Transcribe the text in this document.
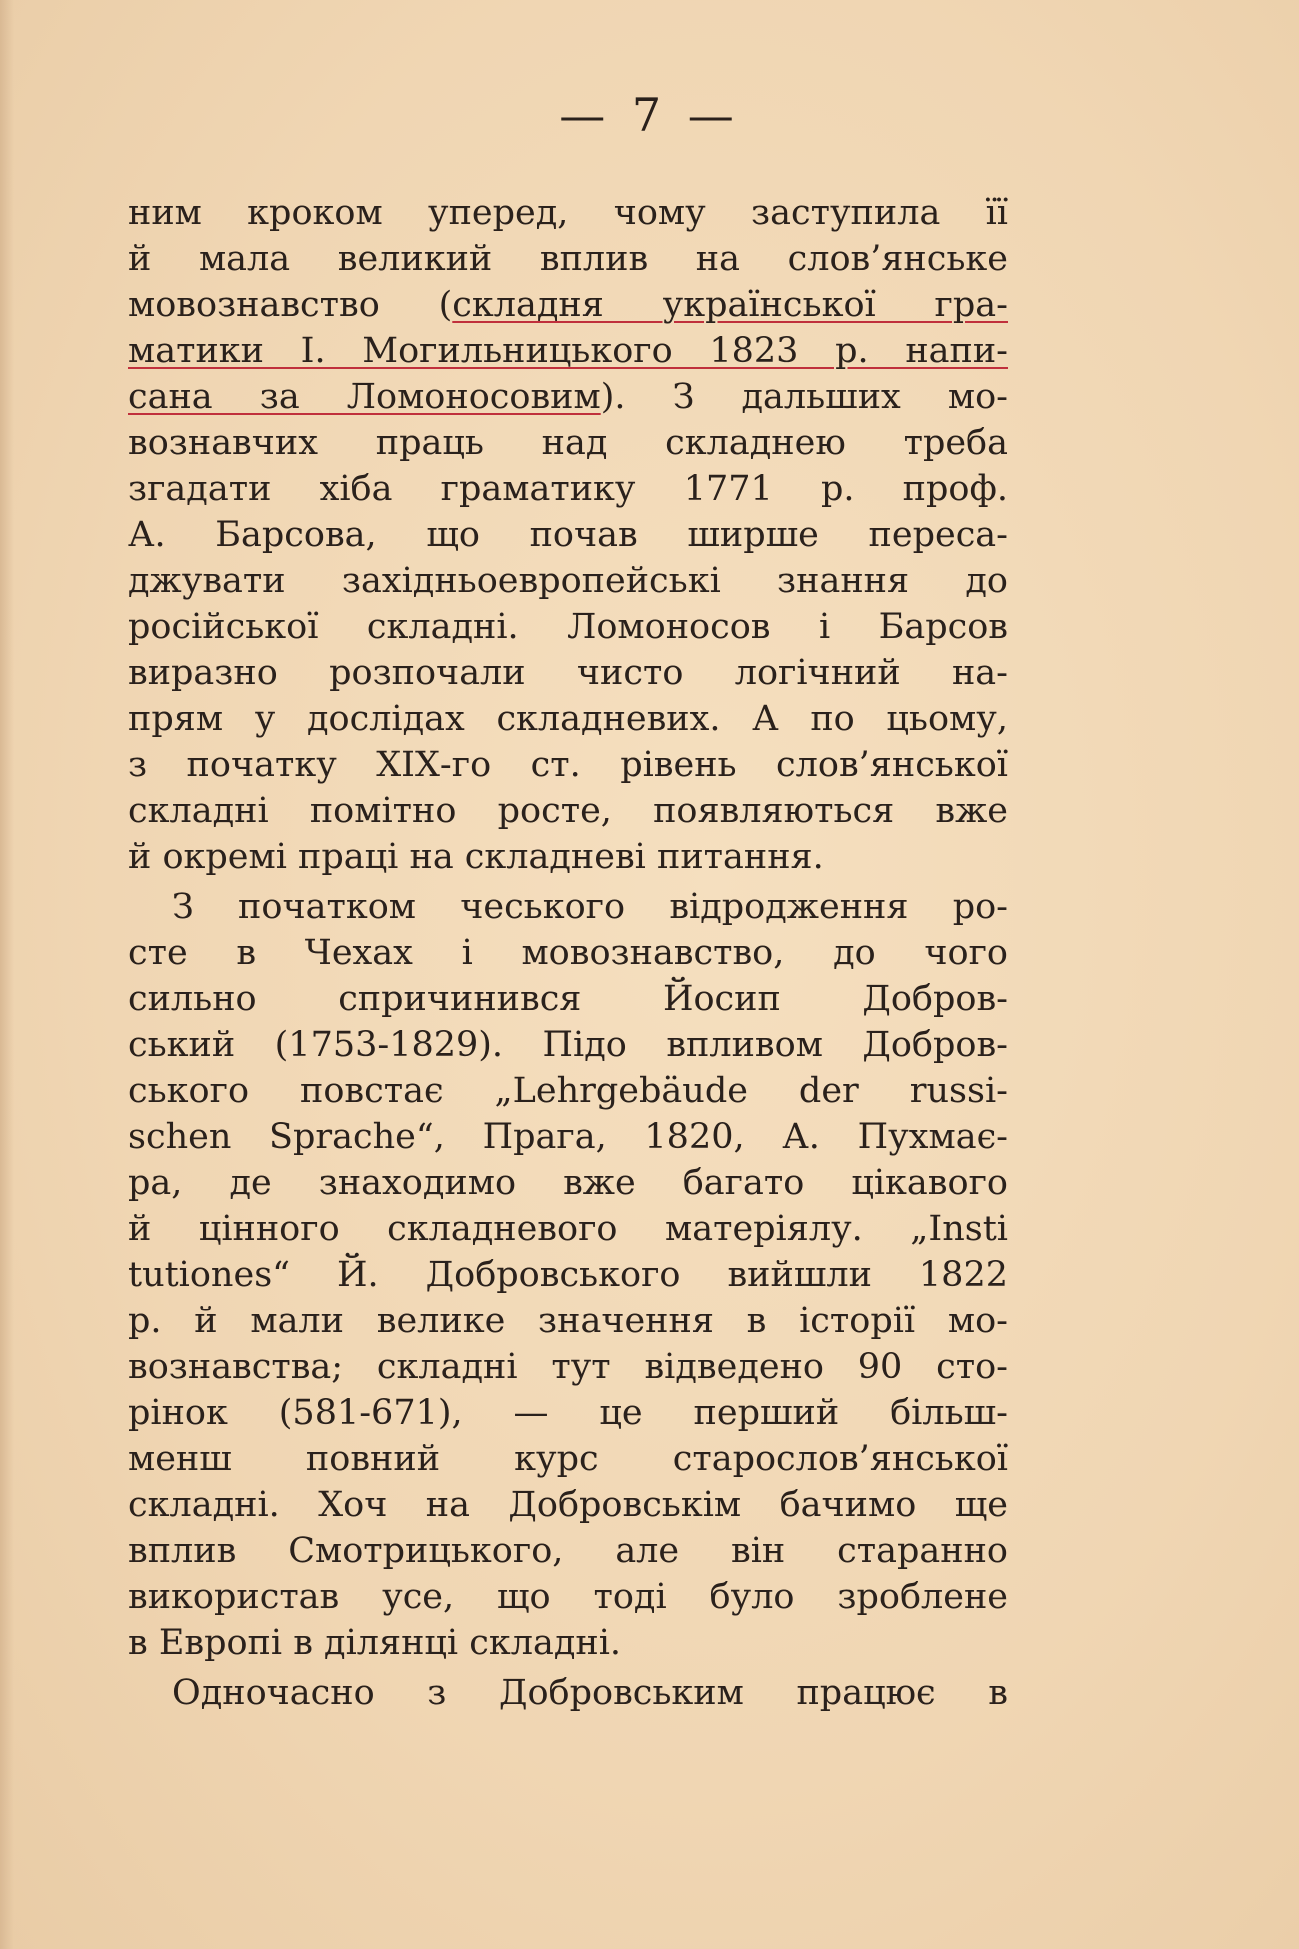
— 7 —
ним кроком уперед, чому заступила її
й мала великий вплив на слов’янське
мовознавство (складня української гра-
матики І. Могильницького 1823 р. напи-
сана за Ломоносовим). З дальших мо-
вознавчих праць над складнею треба
згадати хіба граматику 1771 р. проф.
А. Барсова, що почав ширше переса-
джувати західньоевропейські знання до
російської складні. Ломоносов і Барсов
виразно розпочали чисто логічний на-
прям у дослідах складневих. А по цьому,
з початку ХІХ-го ст. рівень слов’янської
складні помітно росте, появляються вже
й окремі праці на складневі питання.
З початком чеського відродження ро-
сте в Чехах і мовознавство, до чого
сильно спричинився Йосип Добров-
ський (1753-1829). Підо впливом Добров-
ського повстає „Lehrgebäude der russi-
schen Sprache“, Прага, 1820, А. Пухмає-
ра, де знаходимо вже багато цікавого
й цінного складневого матеріялу. „Insti
tutiones“ Й. Добровського вийшли 1822
р. й мали велике значення в історії мо-
вознавства; складні тут відведено 90 сто-
рінок (581-671), — це перший більш-
менш повний курс старослов’янської
складні. Хоч на Добровськім бачимо ще
вплив Смотрицького, але він старанно
використав усе, що тоді було зроблене
в Европі в ділянці складні.
Одночасно з Добровським працює в
